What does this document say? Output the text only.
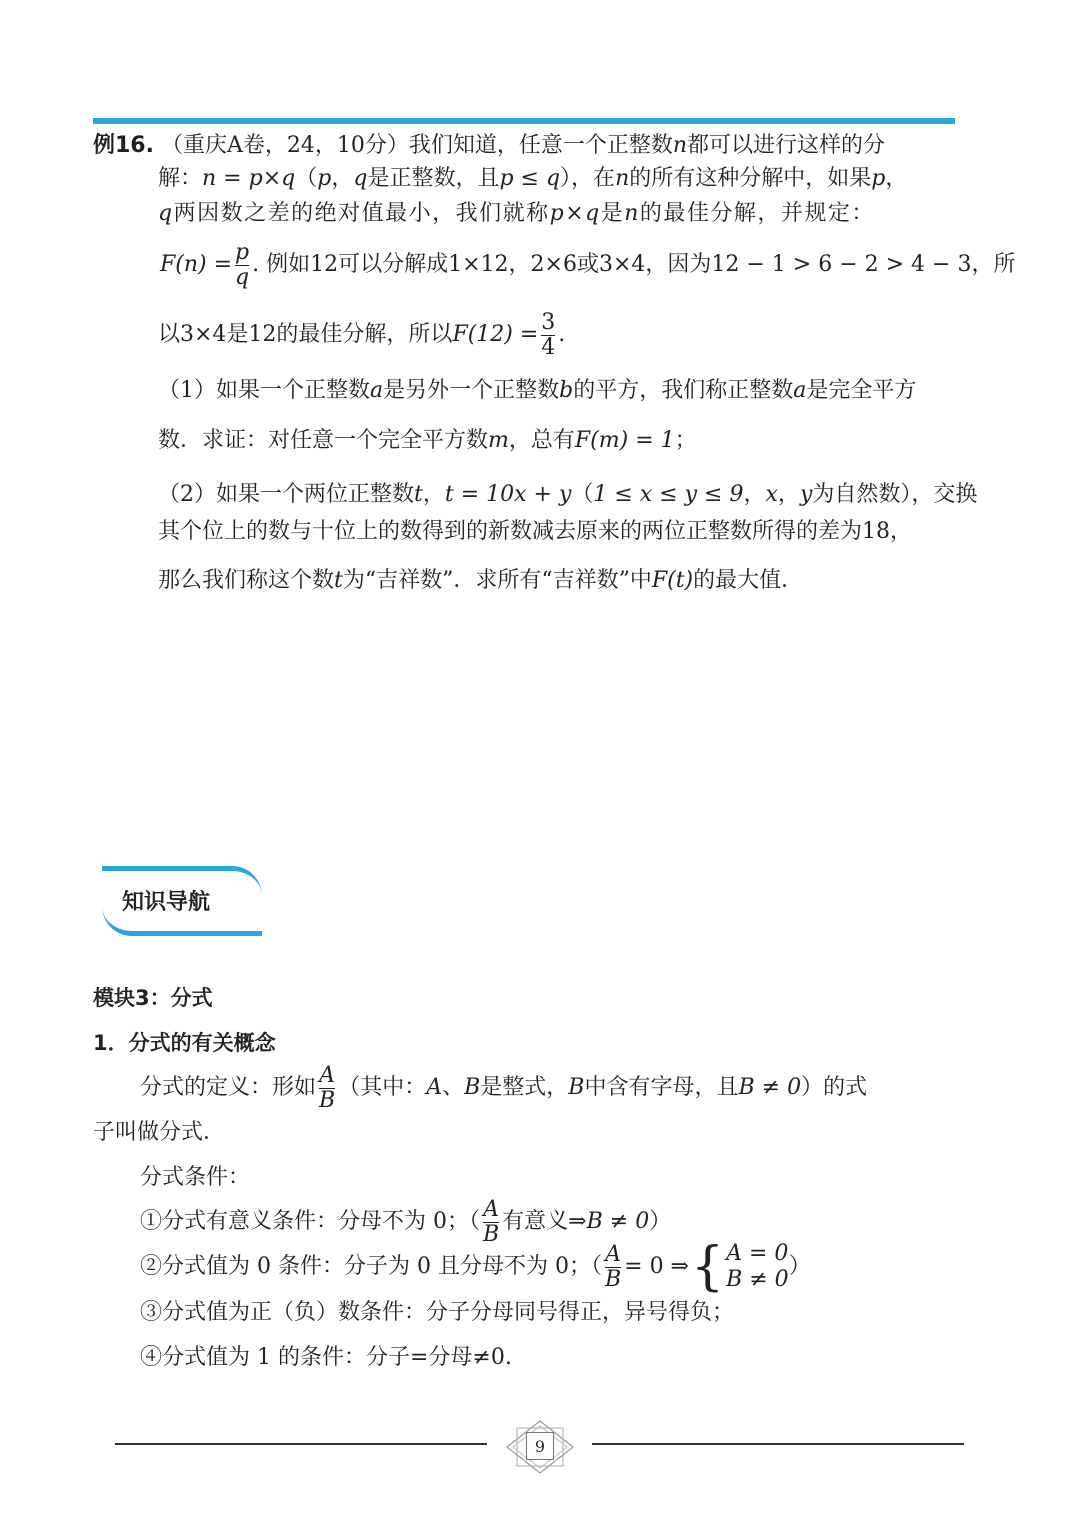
例16. （重庆A卷，24，10分）我们知道，任意一个正整数n都可以进行这样的分
解：n = p×q（p，q是正整数，且p ≤ q），在n的所有这种分解中，如果p，
q两因数之差的绝对值最小，我们就称p×q是n的最佳分解，并规定：
$F(n) = \frac{p}{q}$ . 例如12可以分解成1×12，2×6或3×4，因为12 − 1 > 6 − 2 > 4 − 3，所
以3×4是12的最佳分解，所以$F(12) = \frac{3}{4}$ .
（1）如果一个正整数a是另外一个正整数b的平方，我们称正整数a是完全平方
数．求证：对任意一个完全平方数m，总有F(m) = 1；
（2）如果一个两位正整数t，t = 10x + y（1 ≤ x ≤ y ≤ 9，x，y为自然数），交换
其个位上的数与十位上的数得到的新数减去原来的两位正整数所得的差为18，
那么我们称这个数t为“吉祥数”．求所有“吉祥数”中F(t)的最大值．
知识导航
模块3：分式
1．分式的有关概念
分式的定义：形如 $\frac{A}{B}$ （其中：A、B是整式，B中含有字母，且B ≠ 0）的式
子叫做分式．
分式条件：
①分式有意义条件：分母不为 0；（ $\frac{A}{B}$ 有意义⇒B ≠ 0）
②分式值为 0 条件：分子为 0 且分母不为 0；（ $\frac{A}{B} = 0$ ⇒{ A = 0
B ≠ 0
）
③分式值为正（负）数条件：分子分母同号得正，异号得负；
④分式值为 1 的条件：分子=分母≠0.
9
